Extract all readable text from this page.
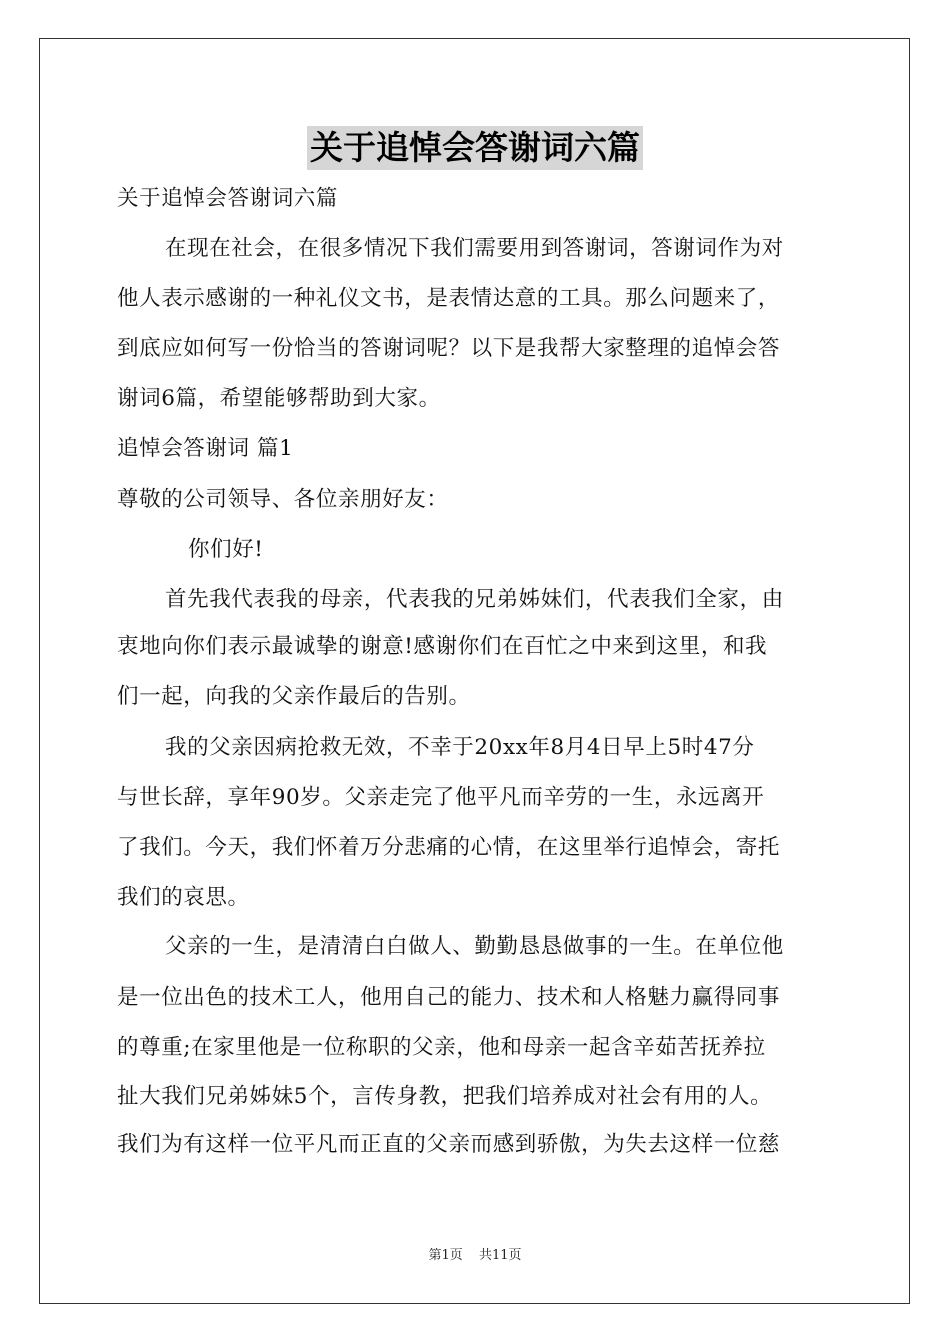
关于追悼会答谢词六篇
关于追悼会答谢词六篇
在现在社会，在很多情况下我们需要用到答谢词，答谢词作为对
他人表示感谢的一种礼仪文书，是表情达意的工具。那么问题来了，
到底应如何写一份恰当的答谢词呢？以下是我帮大家整理的追悼会答
谢词6篇，希望能够帮助到大家。
追悼会答谢词 篇1
尊敬的公司领导、各位亲朋好友：
你们好!
首先我代表我的母亲，代表我的兄弟姊妹们，代表我们全家，由
衷地向你们表示最诚挚的谢意!感谢你们在百忙之中来到这里，和我
们一起，向我的父亲作最后的告别。
我的父亲因病抢救无效，不幸于20xx年8月4日早上5时47分
与世长辞，享年90岁。父亲走完了他平凡而辛劳的一生，永远离开
了我们。今天，我们怀着万分悲痛的心情，在这里举行追悼会，寄托
我们的哀思。
父亲的一生，是清清白白做人、勤勤恳恳做事的一生。在单位他
是一位出色的技术工人，他用自己的能力、技术和人格魅力赢得同事
的尊重;在家里他是一位称职的父亲，他和母亲一起含辛茹苦抚养拉
扯大我们兄弟姊妹5个，言传身教，把我们培养成对社会有用的人。
我们为有这样一位平凡而正直的父亲而感到骄傲，为失去这样一位慈
第1页 共11页
